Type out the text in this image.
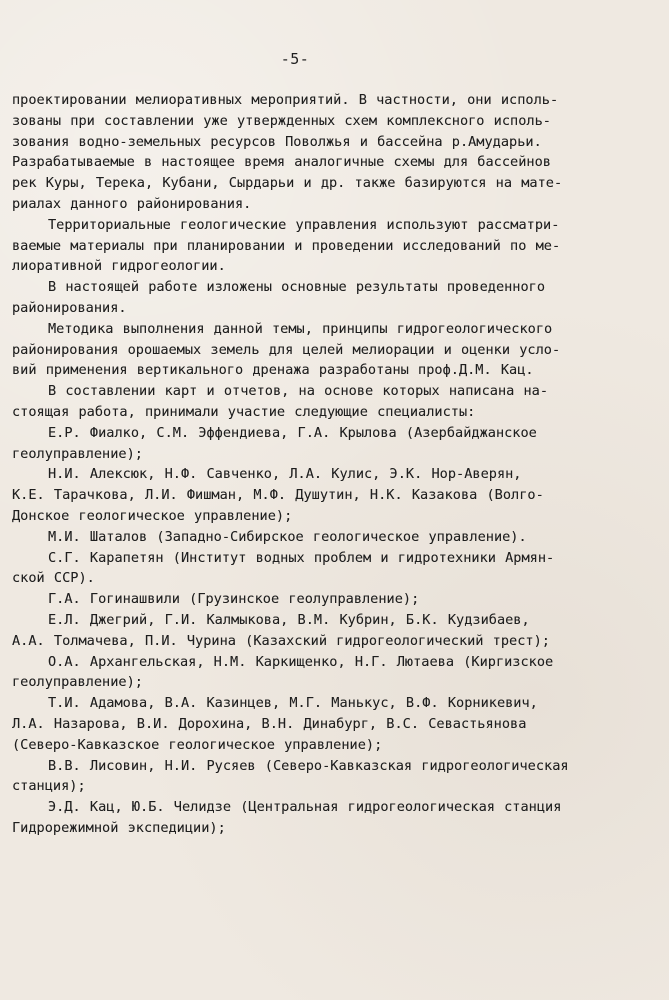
-5-
проектировании мелиоративных мероприятий. В частности, они исполь-
зованы при составлении уже утвержденных схем комплексного исполь-
зования водно-земельных ресурсов Поволжья и бассейна р.Амударьи.
Разрабатываемые в настоящее время аналогичные схемы для бассейнов
рек Куры, Терека, Кубани, Сырдарьи и др. также базируются на мате-
риалах данного районирования.
Территориальные геологические управления используют рассматри-
ваемые материалы при планировании и проведении исследований по ме-
лиоративной гидрогеологии.
В настоящей работе изложены основные результаты проведенного
районирования.
Методика выполнения данной темы, принципы гидрогеологического
районирования орошаемых земель для целей мелиорации и оценки усло-
вий применения вертикального дренажа разработаны проф.Д.М. Кац.
В составлении карт и отчетов, на основе которых написана на-
стоящая работа, принимали участие следующие специалисты:
Е.Р. Фиалко, С.М. Эффендиева, Г.А. Крылова (Азербайджанское
геолуправление);
Н.И. Алексюк, Н.Ф. Савченко, Л.А. Кулис, Э.К. Нор-Аверян,
К.Е. Тарачкова, Л.И. Фишман, М.Ф. Душутин, Н.К. Казакова (Волго-
Донское геологическое управление);
М.И. Шаталов (Западно-Сибирское геологическое управление).
С.Г. Карапетян (Институт водных проблем и гидротехники Армян-
ской ССР).
Г.А. Гогинашвили (Грузинское геолуправление);
Е.Л. Джегрий, Г.И. Калмыкова, В.М. Кубрин, Б.К. Кудзибаев,
А.А. Толмачева, П.И. Чурина (Казахский гидрогеологический трест);
О.А. Архангельская, Н.М. Каркищенко, Н.Г. Лютаева (Киргизское
геолуправление);
Т.И. Адамова, В.А. Казинцев, М.Г. Манькус, В.Ф. Корникевич,
Л.А. Назарова, В.И. Дорохина, В.Н. Динабург, В.С. Севастьянова
(Северо-Кавказское геологическое управление);
В.В. Лисовин, Н.И. Русяев (Северо-Кавказская гидрогеологическая
станция);
Э.Д. Кац, Ю.Б. Челидзе (Центральная гидрогеологическая станция
Гидрорежимной экспедиции);
